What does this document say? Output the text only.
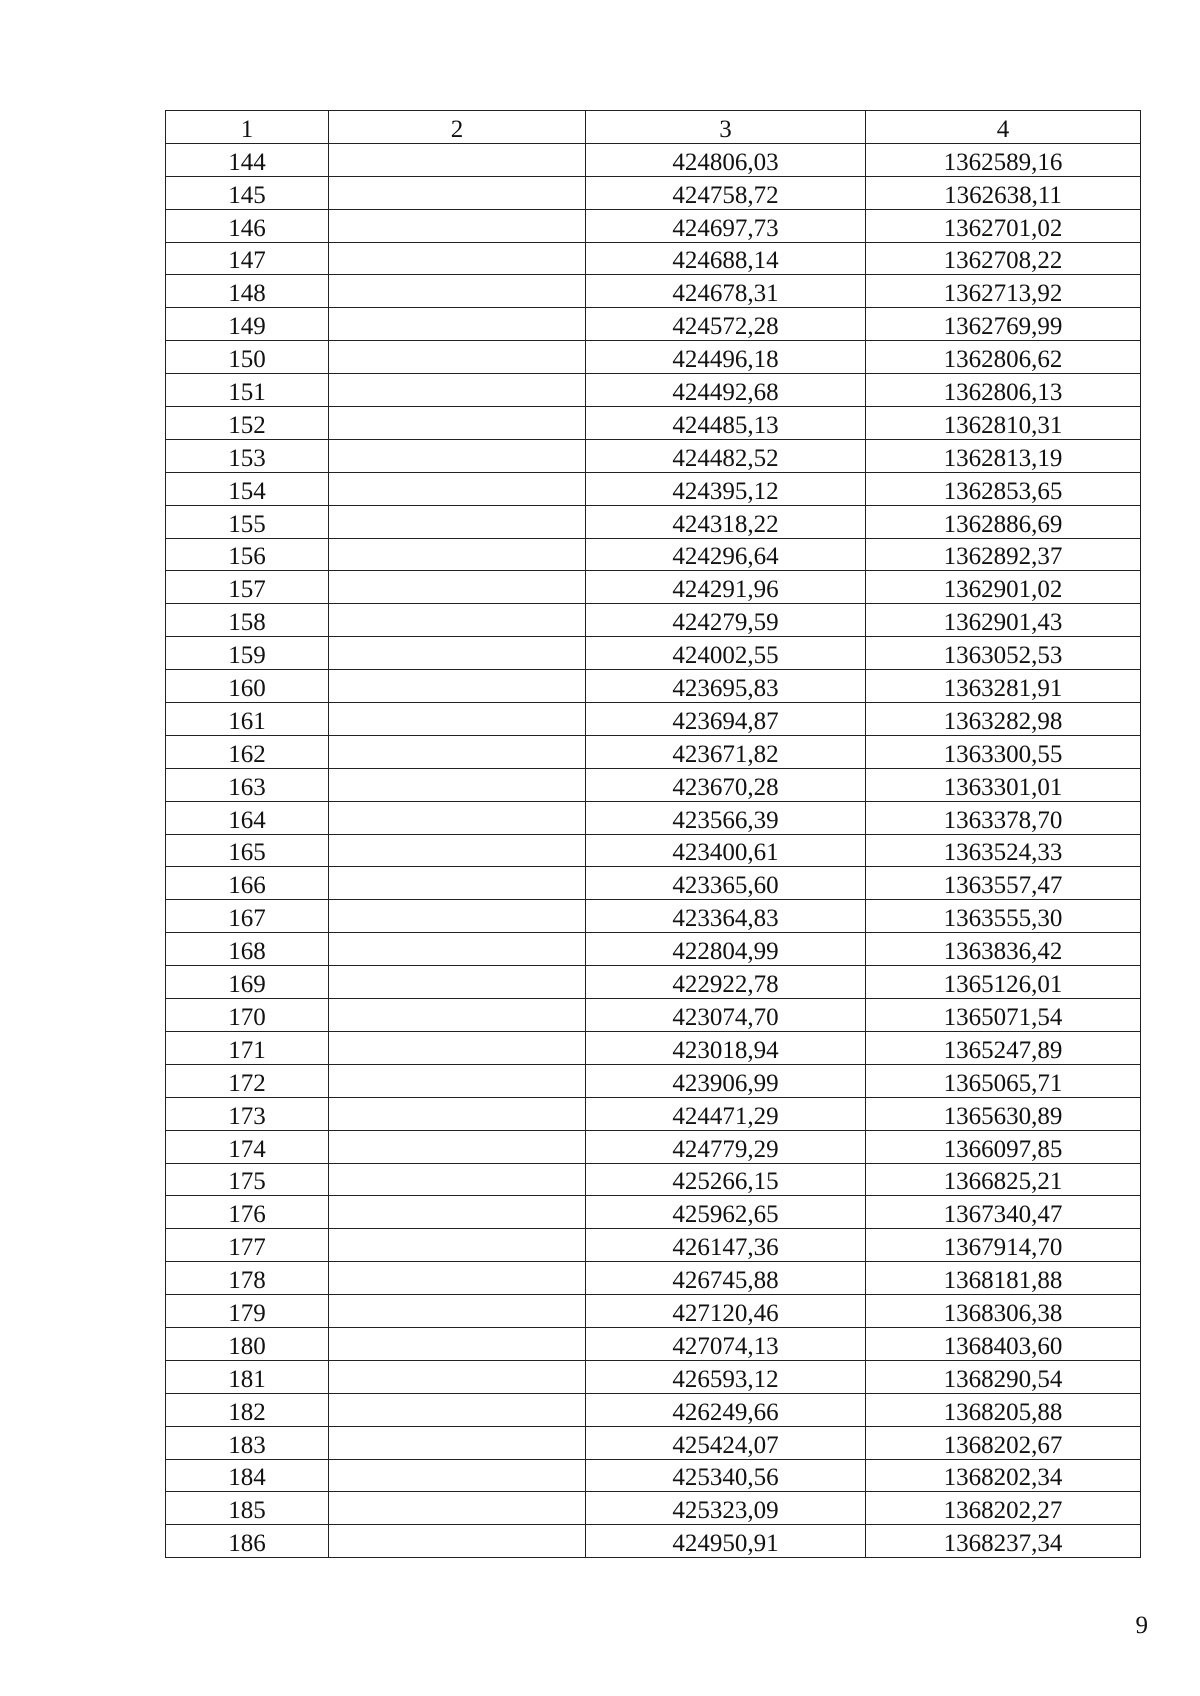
1	2	3	4
144		424806,03	1362589,16
145		424758,72	1362638,11
146		424697,73	1362701,02
147		424688,14	1362708,22
148		424678,31	1362713,92
149		424572,28	1362769,99
150		424496,18	1362806,62
151		424492,68	1362806,13
152		424485,13	1362810,31
153		424482,52	1362813,19
154		424395,12	1362853,65
155		424318,22	1362886,69
156		424296,64	1362892,37
157		424291,96	1362901,02
158		424279,59	1362901,43
159		424002,55	1363052,53
160		423695,83	1363281,91
161		423694,87	1363282,98
162		423671,82	1363300,55
163		423670,28	1363301,01
164		423566,39	1363378,70
165		423400,61	1363524,33
166		423365,60	1363557,47
167		423364,83	1363555,30
168		422804,99	1363836,42
169		422922,78	1365126,01
170		423074,70	1365071,54
171		423018,94	1365247,89
172		423906,99	1365065,71
173		424471,29	1365630,89
174		424779,29	1366097,85
175		425266,15	1366825,21
176		425962,65	1367340,47
177		426147,36	1367914,70
178		426745,88	1368181,88
179		427120,46	1368306,38
180		427074,13	1368403,60
181		426593,12	1368290,54
182		426249,66	1368205,88
183		425424,07	1368202,67
184		425340,56	1368202,34
185		425323,09	1368202,27
186		424950,91	1368237,34
9
